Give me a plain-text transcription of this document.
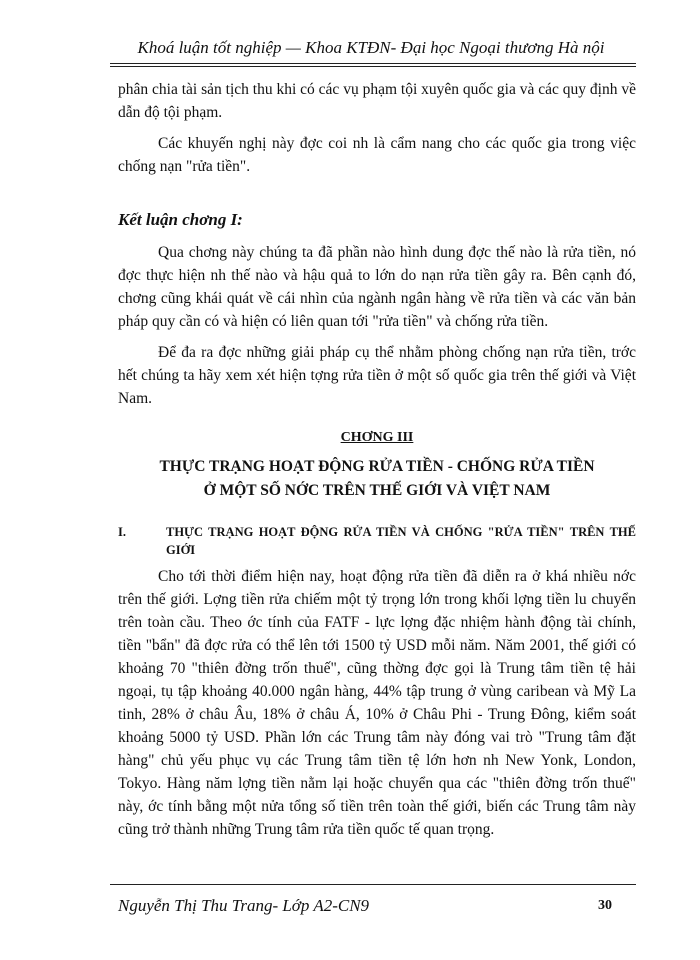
Khoá luận tốt nghiệp — Khoa KTĐN- Đại học Ngoại thương Hà nội

phân chia tài sản tịch thu khi có các vụ phạm tội xuyên quốc gia và các quy định về dẫn độ tội phạm.

Các khuyến nghị này đợc coi nh là cẩm nang cho các quốc gia trong việc chống nạn "rửa tiền".

Kết luận chơng I:

Qua chơng này chúng ta đã phần nào hình dung đợc thế nào là rửa tiền, nó đợc thực hiện nh thế nào và hậu quả to lớn do nạn rửa tiền gây ra. Bên cạnh đó, chơng cũng khái quát về cái nhìn của ngành ngân hàng về rửa tiền và các văn bản pháp quy cần có và hiện có liên quan tới "rửa tiền" và chống rửa tiền.

Để đa ra đợc những giải pháp cụ thể nhằm phòng chống nạn rửa tiền, trớc hết chúng ta hãy xem xét hiện tợng rửa tiền ở một số quốc gia trên thế giới và Việt Nam.

CHƠNG III
THỰC TRẠNG HOẠT ĐỘNG RỬA TIỀN - CHỐNG RỬA TIỀN
Ở MỘT SỐ NỚC TRÊN THẾ GIỚI VÀ VIỆT NAM
I.	THỰC TRẠNG HOẠT ĐỘNG RỬA TIỀN VÀ CHỐNG "RỬA TIỀN" TRÊN THẾ GIỚI

Cho tới thời điểm hiện nay, hoạt động rửa tiền đã diễn ra ở khá nhiều nớc trên thế giới. Lợng tiền rửa chiếm một tỷ trọng lớn trong khối lợng tiền lu chuyển trên toàn cầu. Theo ớc tính của FATF - lực lợng đặc nhiệm hành động tài chính, tiền "bẩn" đã đợc rửa có thể lên tới 1500 tỷ USD mỗi năm. Năm 2001, thế giới có khoảng 70 "thiên đờng trốn thuế", cũng thờng đợc gọi là Trung tâm tiền tệ hải ngoại, tụ tập khoảng 40.000 ngân hàng, 44% tập trung ở vùng caribean và Mỹ La tinh, 28% ở châu Âu, 18% ở châu Á, 10% ở Châu Phi - Trung Đông, kiểm soát khoảng 5000 tỷ USD. Phần lớn các Trung tâm này đóng vai trò "Trung tâm đặt hàng" chủ yếu phục vụ các Trung tâm tiền tệ lớn hơn nh New Yonk, London, Tokyo. Hàng năm lợng tiền nằm lại hoặc chuyển qua các "thiên đờng trốn thuế" này, ớc tính bằng một nửa tổng số tiền trên toàn thế giới, biến các Trung tâm này cũng trở thành những Trung tâm rửa tiền quốc tế quan trọng.

Nguyễn Thị Thu Trang- Lớp A2-CN9	30
